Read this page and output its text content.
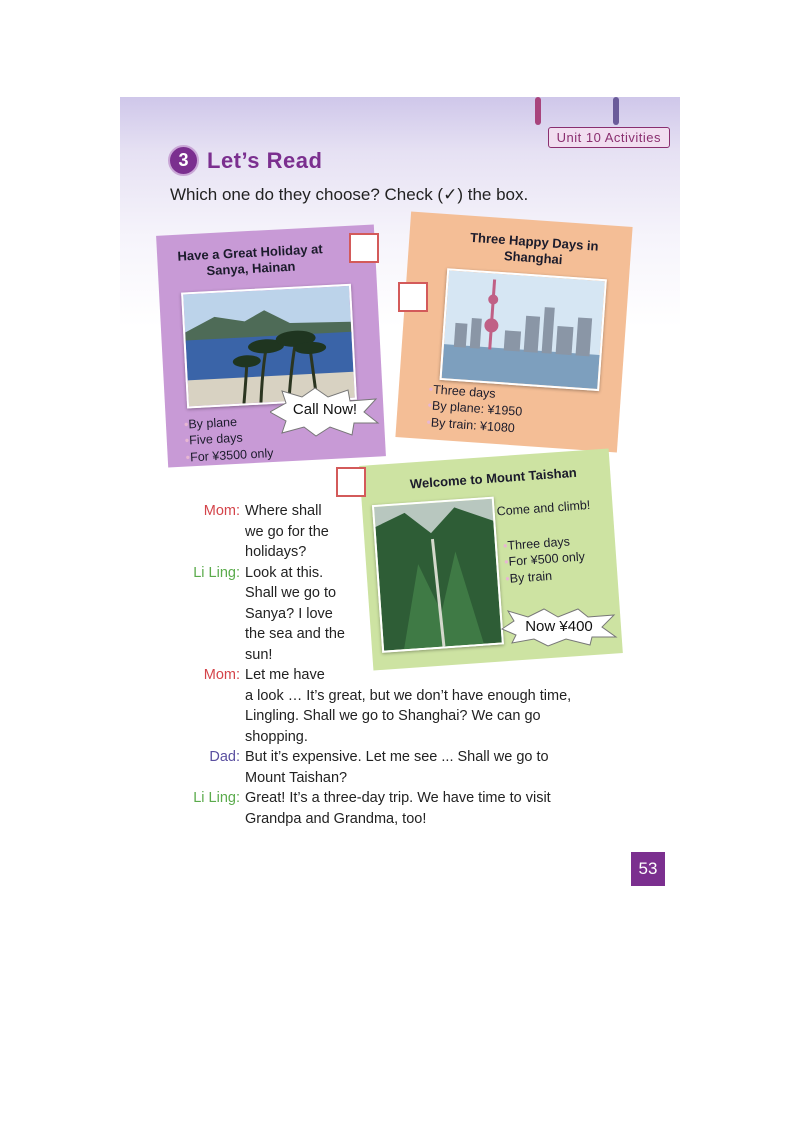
Unit 10 Activities
3 Let’s Read
Which one do they choose? Check (✓) the box.
Have a Great Holiday at Sanya, Hainan
• By plane
• Five days
• For ¥3500 only
Call Now!
Three Happy Days in Shanghai
• Three days
• By plane: ¥1950
• By train: ¥1080
Welcome to Mount Taishan
Come and climb!
• Three days
• For ¥500 only
• By train
Now ¥400
Mom: Where shall
we go for the
holidays?
Li Ling: Look at this.
Shall we go to
Sanya? I love
the sea and the
sun!
Mom: Let me have
a look … It’s great, but we don’t have enough time,
Lingling. Shall we go to Shanghai? We can go
shopping.
Dad: But it’s expensive. Let me see ... Shall we go to
Mount Taishan?
Li Ling: Great! It’s a three-day trip. We have time to visit
Grandpa and Grandma, too!
53
